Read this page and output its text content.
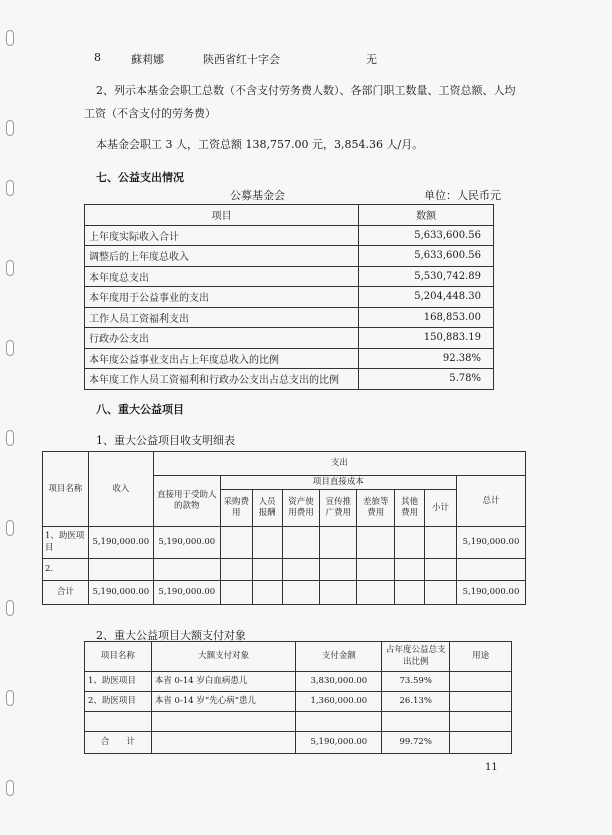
8	蘇莉娜	陕西省红十字会	无
2、列示本基金会职工总数（不含支付劳务费人数）、各部门职工数量、工资总额、人均
工资（不含支付的劳务费）
本基金会职工 3 人，工资总额 138,757.00 元，3,854.36 人/月。
七、公益支出情况
公募基金会	单位：人民币元
项目	数额
上年度实际收入合计	5,633,600.56
调整后的上年度总收入	5,633,600.56
本年度总支出	5,530,742.89
本年度用于公益事业的支出	5,204,448.30
工作人员工资福利支出	168,853.00
行政办公支出	150,883.19
本年度公益事业支出占上年度总收入的比例	92.38%
本年度工作人员工资福利和行政办公支出占总支出的比例	5.78%
八、重大公益项目
1、重大公益项目收支明细表
项目名称	收入	支出								
		直接用于受助人的款物	项目直接成本							总计
			采购费用	人员报酬	资产使用费用	宣传推广费用	差旅等费用	其他费用	小计	
1、助医项目	5,190,000.00	5,190,000.00								5,190,000.00
2.										
合计	5,190,000.00	5,190,000.00								5,190,000.00
2、重大公益项目大额支付对象
项目名称	大额支付对象	支付金额	占年度公益总支出比例	用途
1、助医项目	本省 0-14 岁白血病患儿	3,830,000.00	73.59%	
2、助医项目	本省 0-14 岁“先心病”患儿	1,360,000.00	26.13%	

合　　计		5,190,000.00	99.72%	
11
